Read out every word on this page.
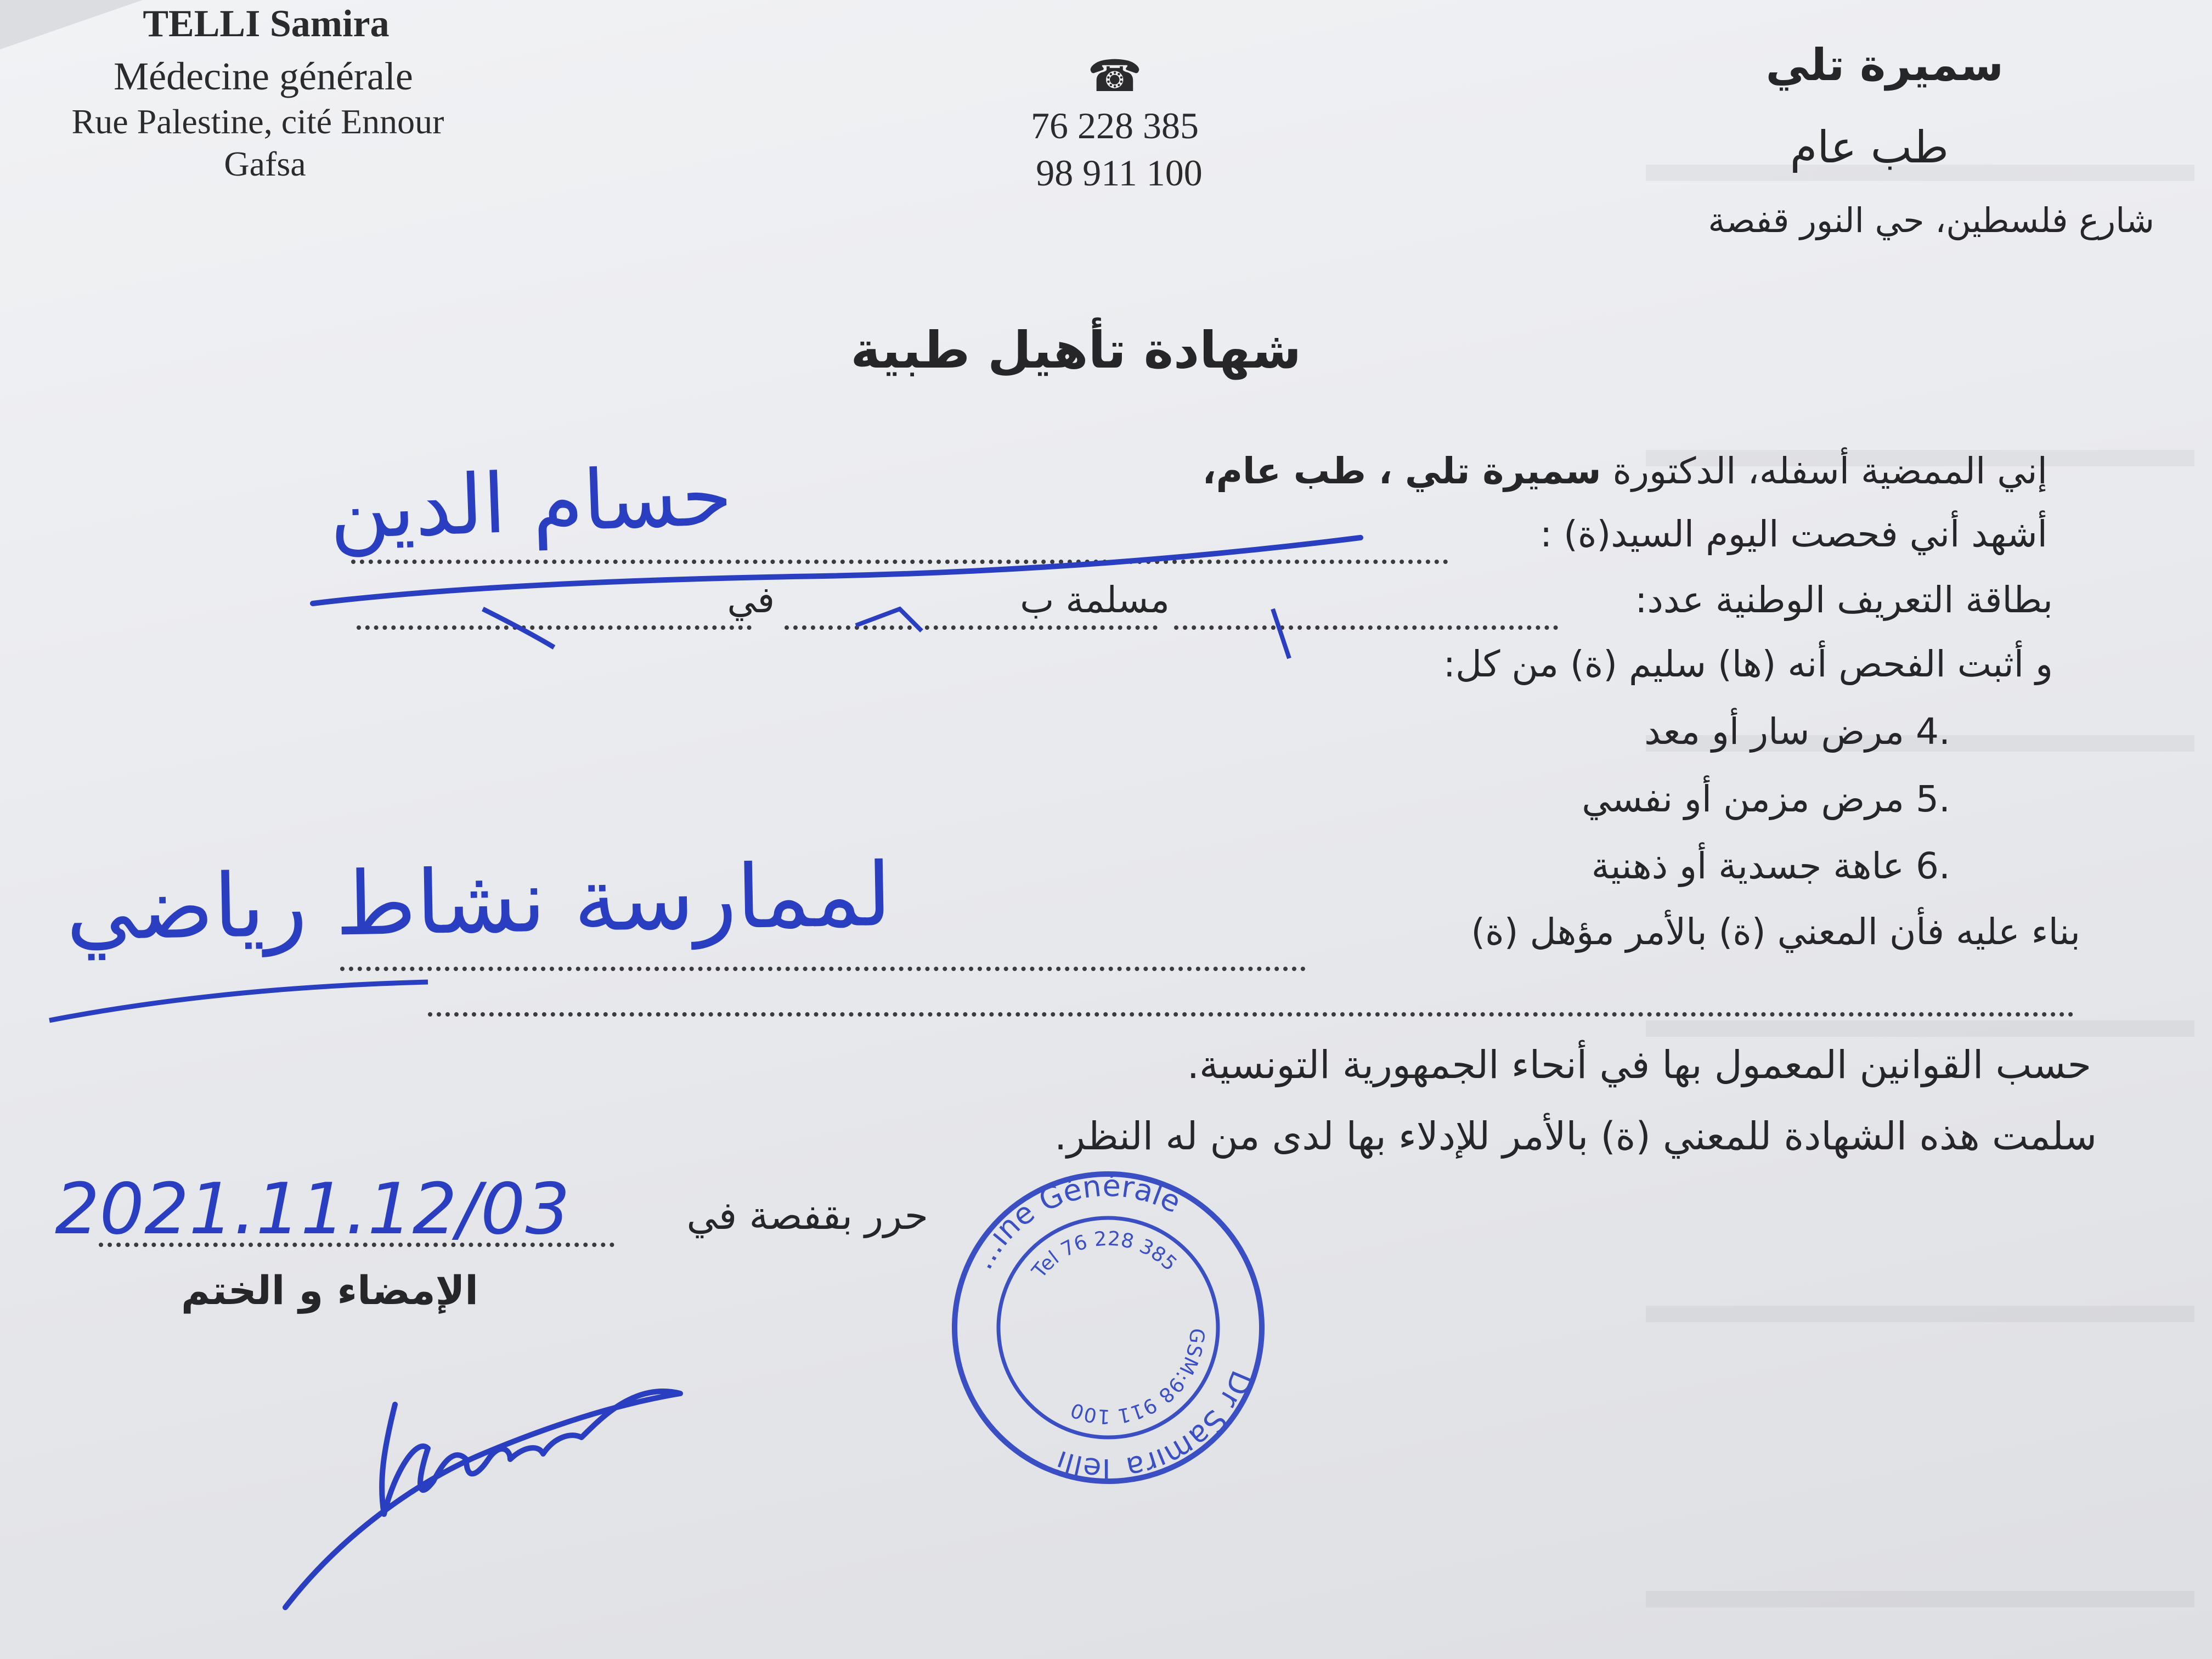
TELLI Samira
Médecine générale
Rue Palestine, cité Ennour
Gafsa
☎
76 228 385
98 911 100
سميرة تلي
طب عام
شارع فلسطين، حي النور قفصة
شهادة تأهيل طبية
إني الممضية أسفله، الدكتورة سميرة تلي ، طب عام،
أشهد أني فحصت اليوم السيد(ة) :
بطاقة التعريف الوطنية عدد:
مسلمة ب
في
و أثبت الفحص أنه (ها) سليم (ة) من كل:
4. مرض سار أو معد
5. مرض مزمن أو نفسي
6. عاهة جسدية أو ذهنية
بناء عليه فأن المعني (ة) بالأمر مؤهل (ة)
حسب القوانين المعمول بها في أنحاء الجمهورية التونسية.
سلمت هذه الشهادة للمعني (ة) بالأمر للإدلاء بها لدى من له النظر.
حرر بقفصة في
الإمضاء و الختم
حسام الدين
لممارسة نشاط رياضي
2021.11.12/03
...ine Générale
Dr Samira Telli
Tel 76 228 385
GSM:98 911 100
